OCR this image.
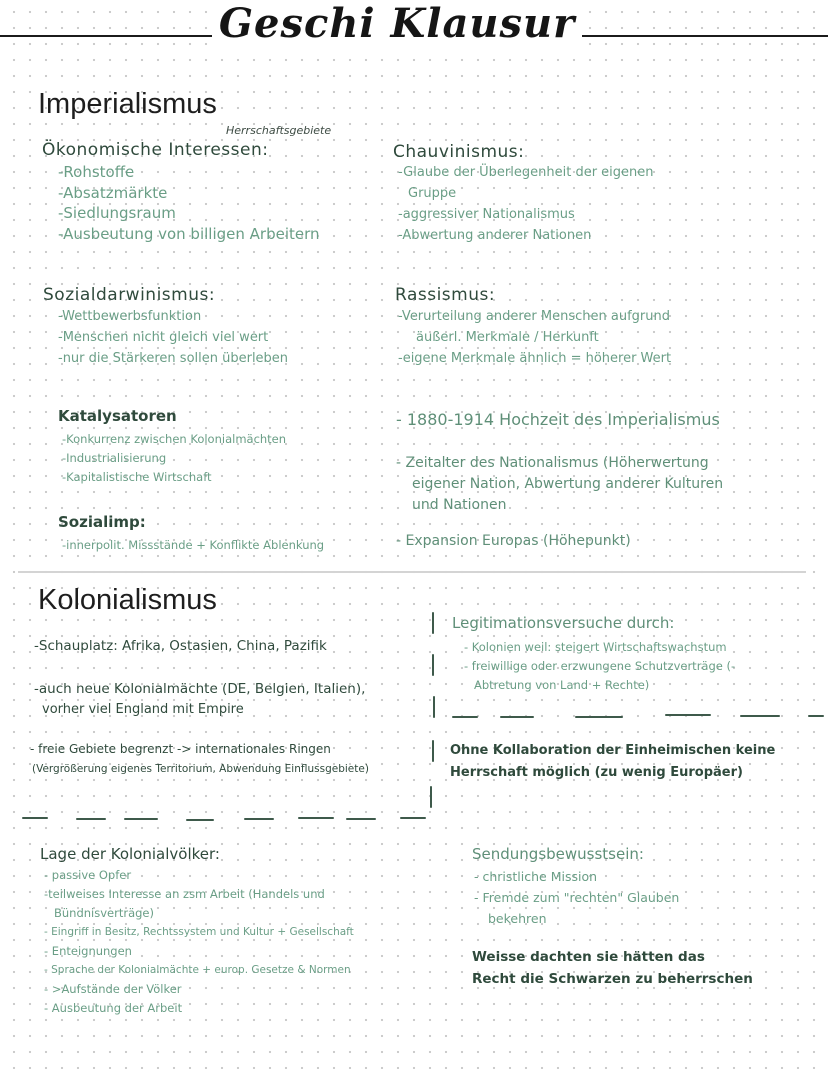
Geschi Klausur
Imperialismus
Herrschaftsgebiete
Ökonomische Interessen:
-Rohstoffe
-Absatzmärkte
-Siedlungsraum
-Ausbeutung von billigen Arbeitern
Chauvinismus:
-Glaube der Überlegenheit der eigenen
Gruppe
-aggressiver Nationalismus
-Abwertung anderer Nationen
Sozialdarwinismus:
-Wettbewerbsfunktion
-Menschen nicht gleich viel wert
-nur die Stärkeren sollen überleben
Rassismus:
-Verurteilung anderer Menschen aufgrund
äußerl. Merkmale / Herkunft
-eigene Merkmale ähnlich = höherer Wert
Katalysatoren
-Konkurrenz zwischen Kolonialmächten
-Industrialisierung
-Kapitalistische Wirtschaft
- 1880-1914 Hochzeit des Imperialismus
- Zeitalter des Nationalismus (Höherwertung
eigener Nation, Abwertung anderer Kulturen
und Nationen
Sozialimp:
-innerpolit. Missstände + Konflikte Ablenkung	- Expansion Europas (Höhepunkt)
Kolonialismus
-Schauplatz: Afrika, Ostasien, China, Pazifik
-auch neue Kolonialmächte (DE, Belgien, Italien),
vorher viel England mit Empire
- freie Gebiete begrenzt -> internationales Ringen
(Vergrößerung eigenes Territorium, Abwendung Einflussgebiete)
Legitimationsversuche durch:
- Kolonien weil: steigert Wirtschaftswachstum
- freiwillige oder erzwungene Schutzverträge (-
Abtretung von Land + Rechte)
Ohne Kollaboration der Einheimischen keine
Herrschaft möglich (zu wenig Europäer)
Lage der Kolonialvölker:
- passive Opfer
-teilweises Interesse an zsm Arbeit (Handels und
Bündnisverträge)
- Eingriff in Besitz, Rechtssystem und Kultur + Gesellschaft
- Enteignungen
- Sprache der Kolonialmächte + europ. Gesetze & Normen
- >Aufstände der Völker
- Ausbeutung der Arbeit
Sendungsbewusstsein:
- christliche Mission
- Fremde zum "rechten" Glauben
bekehren
Weisse dachten sie hätten das
Recht die Schwarzen zu beherrschen
